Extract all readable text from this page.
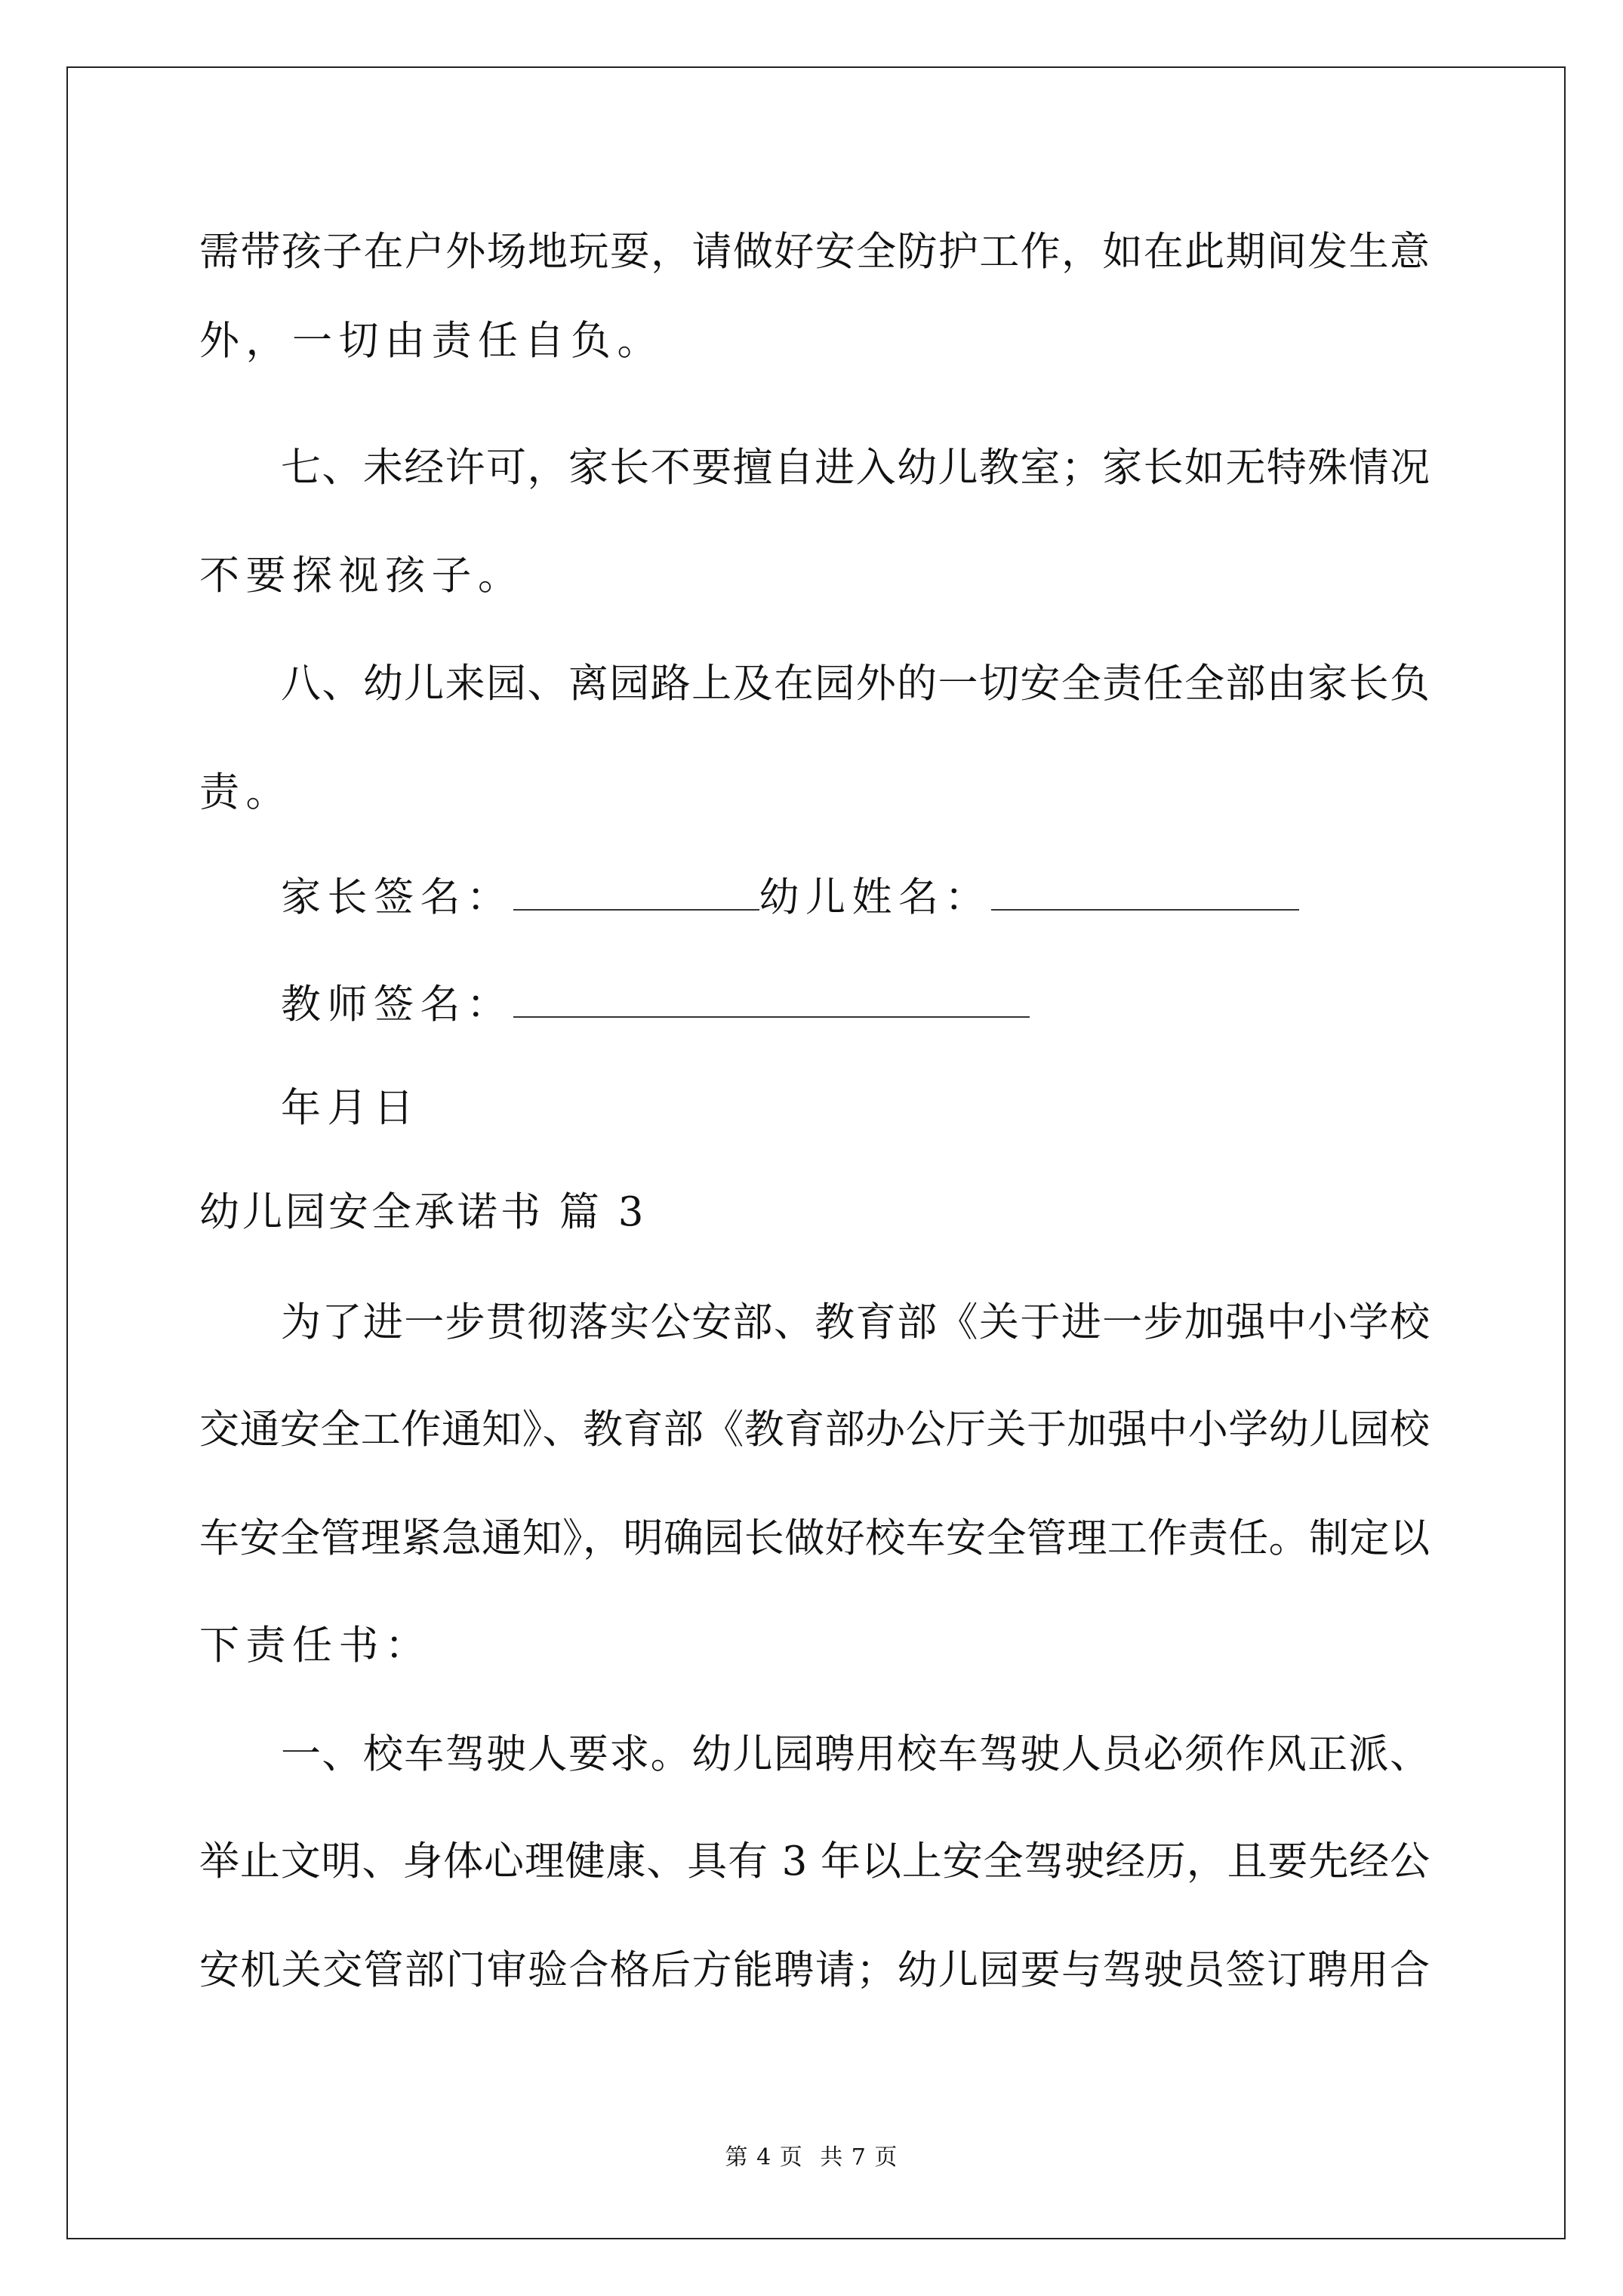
需带孩子在户外场地玩耍，请做好安全防护工作，如在此期间发生意
外，一切由责任自负。
七、未经许可，家长不要擅自进入幼儿教室；家长如无特殊情况
不要探视孩子。
八、幼儿来园、离园路上及在园外的一切安全责任全部由家长负
责。
家长签名：	幼儿姓名：
教师签名：
年月日
幼儿园安全承诺书 篇 3
为了进一步贯彻落实公安部、教育部《关于进一步加强中小学校
交通安全工作通知》、教育部《教育部办公厅关于加强中小学幼儿园校
车安全管理紧急通知》，明确园长做好校车安全管理工作责任。制定以
下责任书：
一、校车驾驶人要求。幼儿园聘用校车驾驶人员必须作风正派、
举止文明、身体心理健康、具有 3 年以上安全驾驶经历，且要先经公
安机关交管部门审验合格后方能聘请；幼儿园要与驾驶员签订聘用合
第 4 页 共 7 页
